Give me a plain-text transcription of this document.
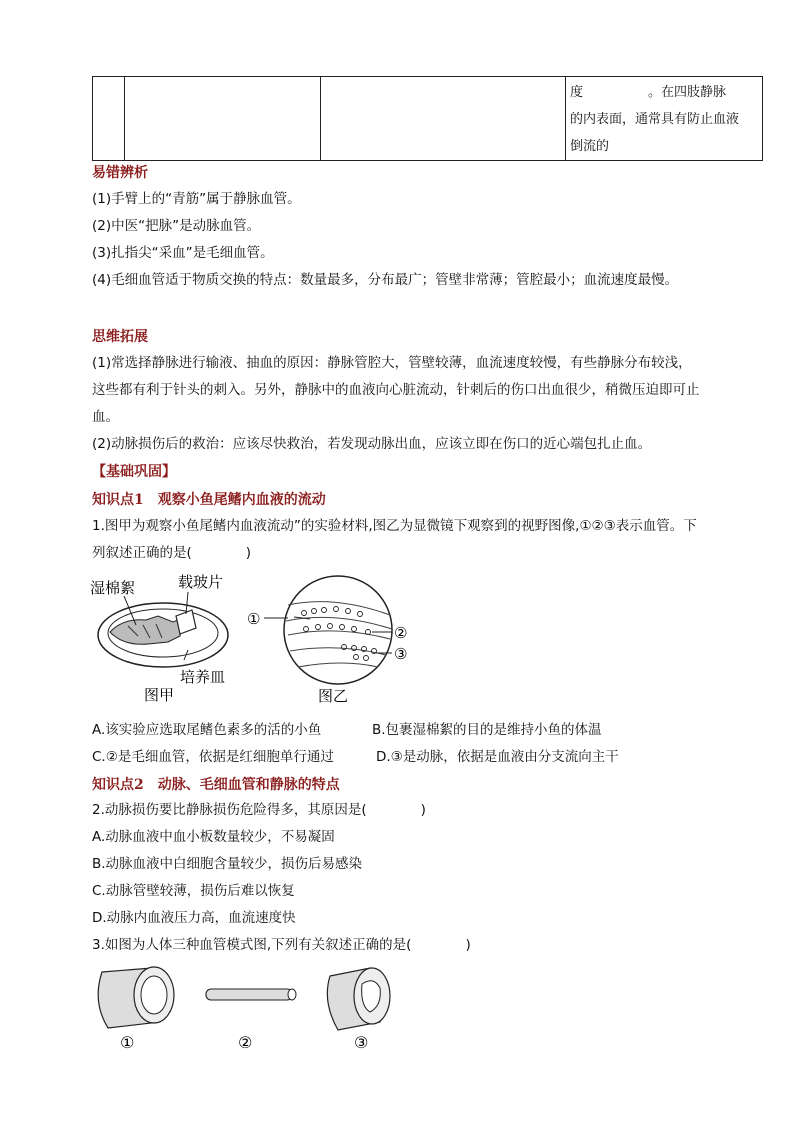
度　　　　　。在四肢静脉
的内表面，通常具有防止血液
倒流的
易错辨析
(1)手臂上的“青筋”属于静脉血管。
(2)中医“把脉”是动脉血管。
(3)扎指尖“采血”是毛细血管。
(4)毛细血管适于物质交换的特点：数量最多，分布最广；管壁非常薄；管腔最小；血流速度最慢。
思维拓展
(1)常选择静脉进行输液、抽血的原因：静脉管腔大，管壁较薄，血流速度较慢，有些静脉分布较浅，这些都有利于针头的刺入。另外，静脉中的血液向心脏流动，针刺后的伤口出血很少，稍微压迫即可止血。
(2)动脉损伤后的救治：应该尽快救治，若发现动脉出血，应该立即在伤口的近心端包扎止血。
【基础巩固】
知识点1　观察小鱼尾鳍内血液的流动
1.图甲为观察小鱼尾鳍内血液流动”的实验材料,图乙为显微镜下观察到的视野图像,①②③表示血管。下列叙述正确的是(　　　　)
湿棉絮	载玻片
培养皿
图甲
①
②
③
图乙
A.该实验应选取尾鳍色素多的活的小鱼	B.包裹湿棉絮的目的是维持小鱼的体温
C.②是毛细血管，依据是红细胞单行通过	D.③是动脉，依据是血液由分支流向主干
知识点2　动脉、毛细血管和静脉的特点
2.动脉损伤要比静脉损伤危险得多，其原因是(　　　　)
A.动脉血液中血小板数量较少，不易凝固
B.动脉血液中白细胞含量较少，损伤后易感染
C.动脉管壁较薄，损伤后难以恢复
D.动脉内血液压力高，血流速度快
3.如图为人体三种血管模式图,下列有关叙述正确的是(　　　　)
①	②	③
